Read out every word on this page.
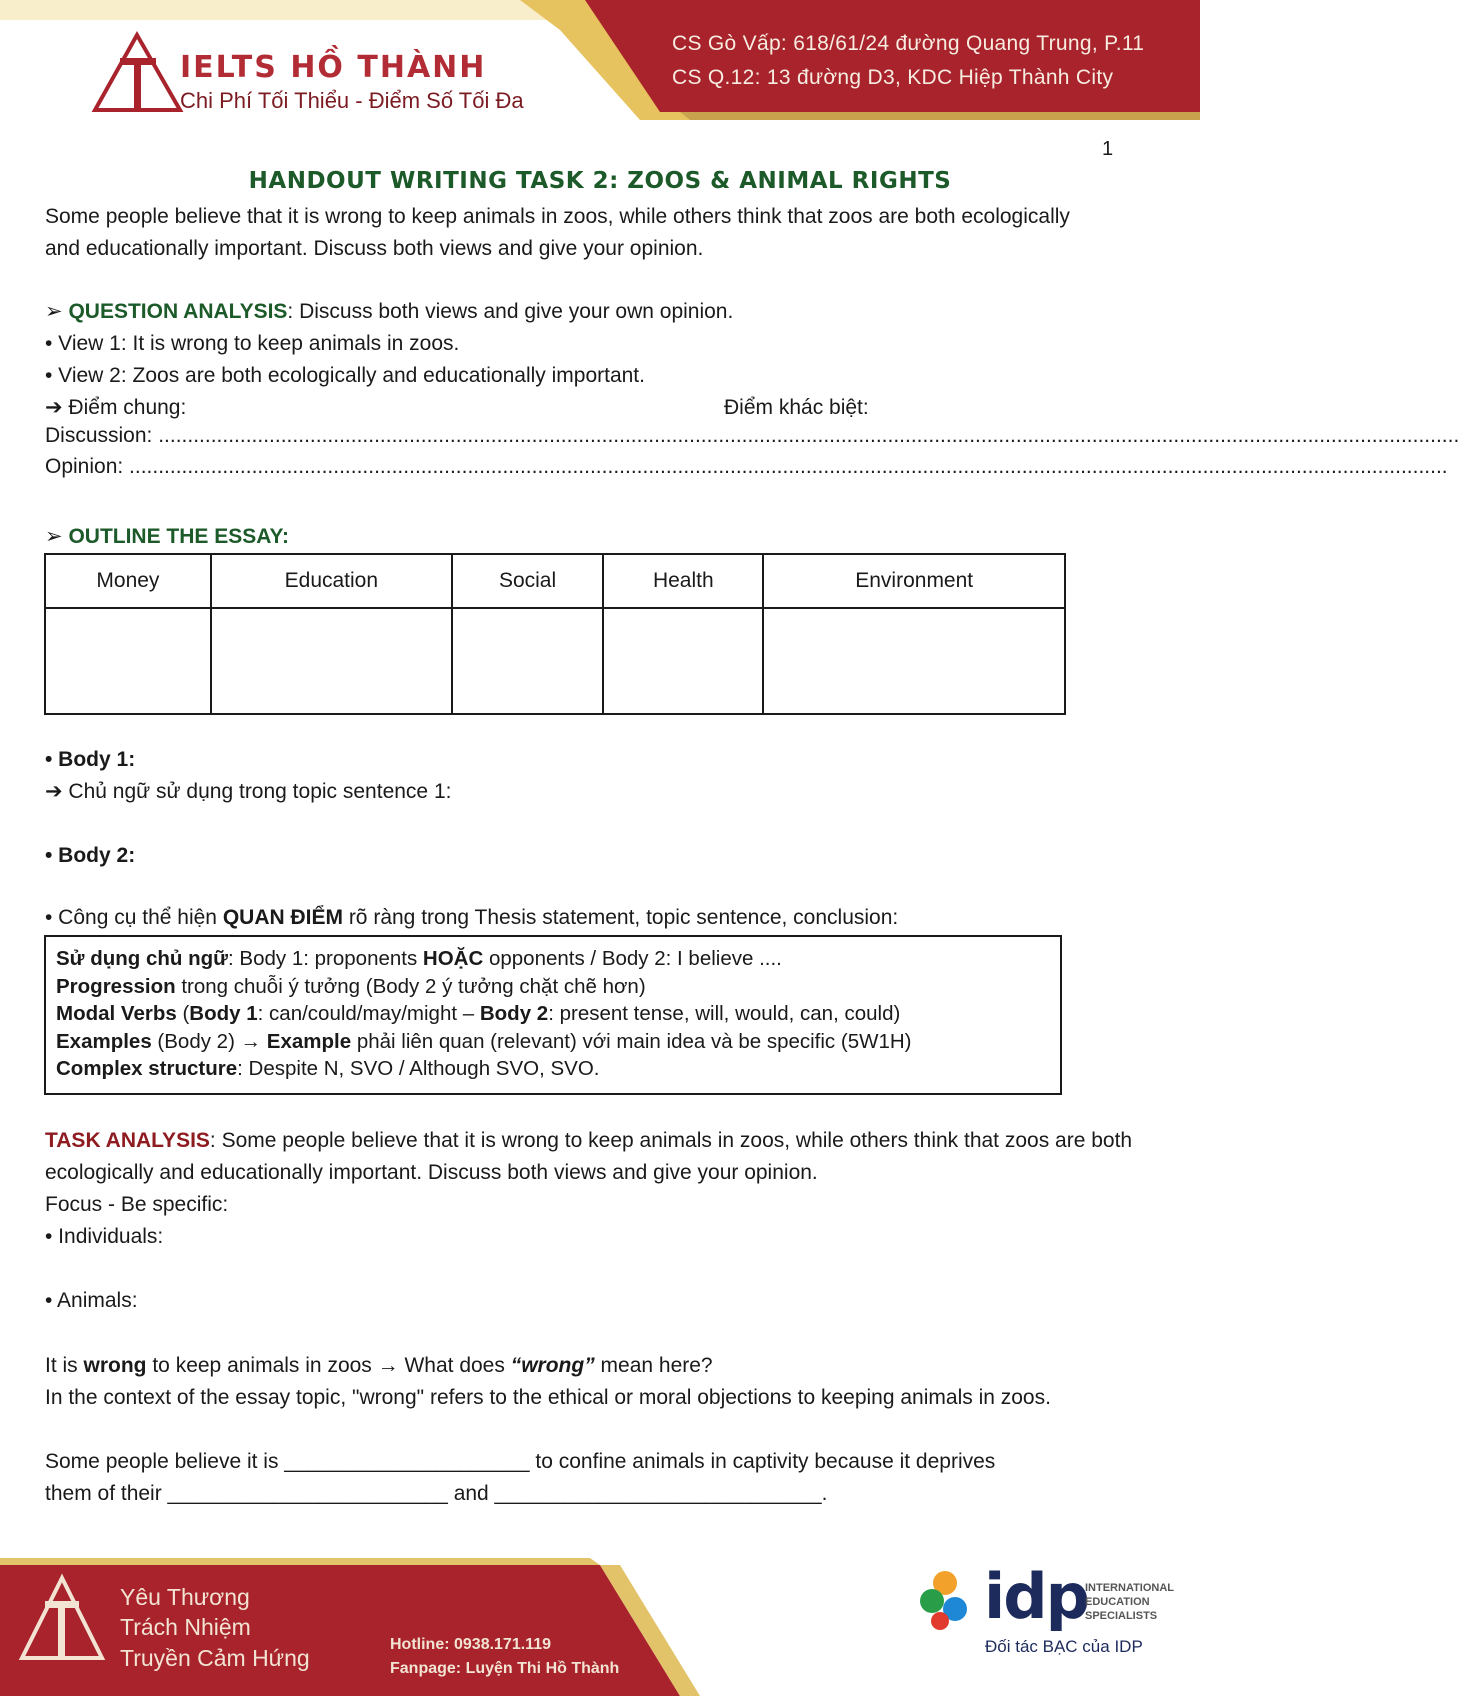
IELTS HỒ THÀNH
Chi Phí Tối Thiểu - Điểm Số Tối Đa
CS Gò Vấp: 618/61/24 đường Quang Trung, P.11
CS Q.12: 13 đường D3, KDC Hiệp Thành City
1
HANDOUT WRITING TASK 2: ZOOS & ANIMAL RIGHTS
Some people believe that it is wrong to keep animals in zoos, while others think that zoos are both ecologically and educationally important. Discuss both views and give your opinion.
➢ QUESTION ANALYSIS: Discuss both views and give your own opinion.
• View 1: It is wrong to keep animals in zoos.
• View 2: Zoos are both ecologically and educationally important.
➔ Điểm chung:	Điểm khác biệt:
Discussion: ...............................................................................................................................................................................................................................
Opinion: ..................................................................................................................................................................................................................................
➢ OUTLINE THE ESSAY:
Money	Education	Social	Health	Environment

• Body 1:
➔ Chủ ngữ sử dụng trong topic sentence 1:
• Body 2:
• Công cụ thể hiện QUAN ĐIỂM rõ ràng trong Thesis statement, topic sentence, conclusion:
Sử dụng chủ ngữ: Body 1: proponents HOẶC opponents / Body 2: I believe ....
Progression trong chuỗi ý tưởng (Body 2 ý tưởng chặt chẽ hơn)
Modal Verbs (Body 1: can/could/may/might – Body 2: present tense, will, would, can, could)
Examples (Body 2) → Example phải liên quan (relevant) với main idea và be specific (5W1H)
Complex structure: Despite N, SVO / Although SVO, SVO.
TASK ANALYSIS: Some people believe that it is wrong to keep animals in zoos, while others think that zoos are both ecologically and educationally important. Discuss both views and give your opinion.
Focus - Be specific:
• Individuals:
• Animals:
It is wrong to keep animals in zoos → What does “wrong” mean here?
In the context of the essay topic, "wrong" refers to the ethical or moral objections to keeping animals in zoos.
Some people believe it is _____________________ to confine animals in captivity because it deprives
them of their ________________________ and ____________________________.
Yêu Thương
Trách Nhiệm
Truyền Cảm Hứng
Hotline: 0938.171.119
Fanpage: Luyện Thi Hồ Thành
idp
INTERNATIONAL
EDUCATION
SPECIALISTS
Đối tác BẠC của IDP
